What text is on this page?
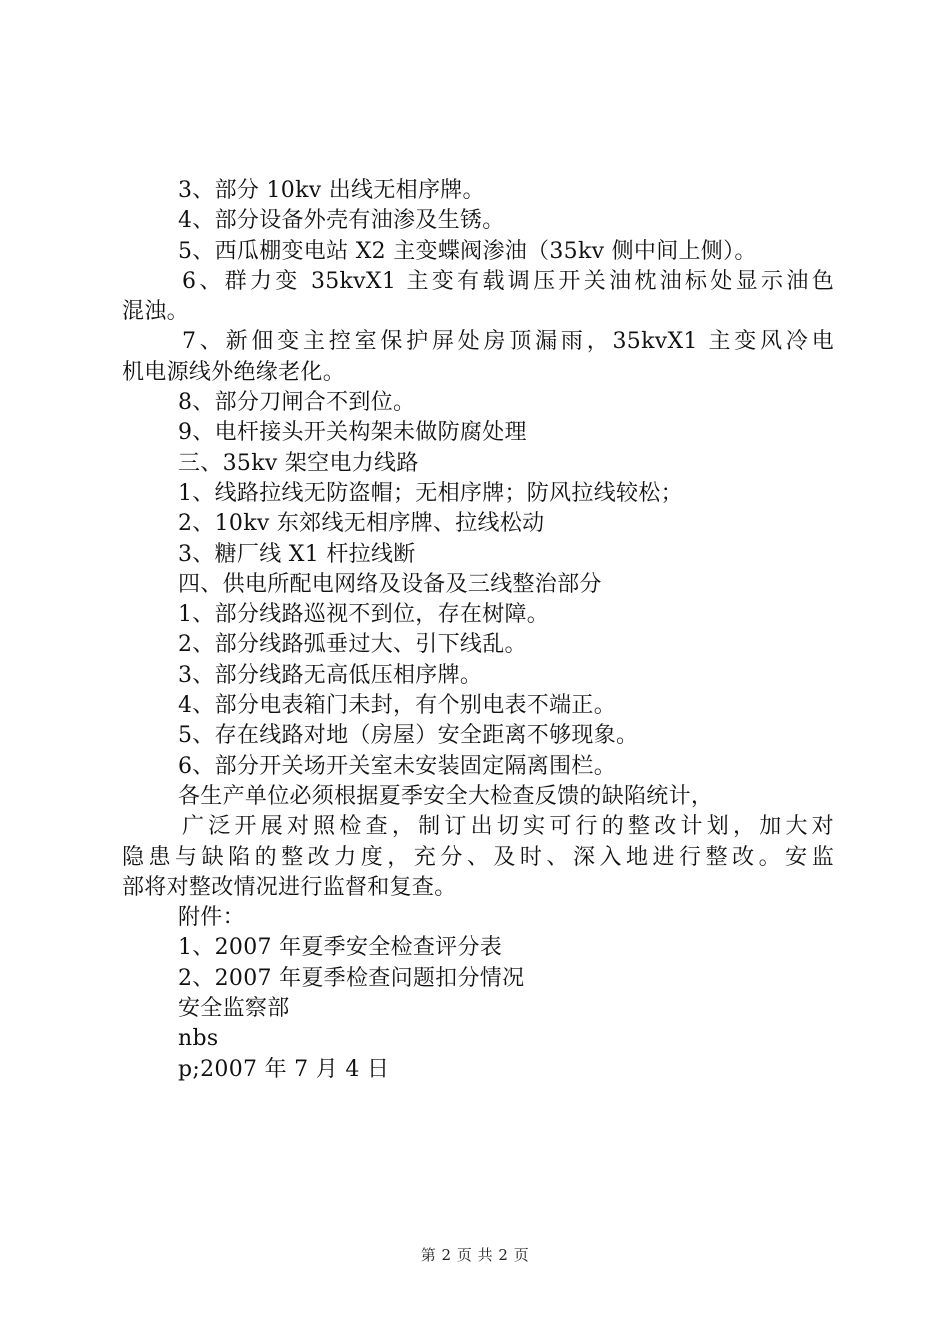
3、部分 10kv 出线无相序牌。
4、部分设备外壳有油渗及生锈。
5、西瓜棚变电站 X2 主变蝶阀渗油（35kv 侧中间上侧）。
6、群力变 35kvX1 主变有载调压开关油枕油标处显示油色
混浊。
7、新佃变主控室保护屏处房顶漏雨，35kvX1 主变风冷电
机电源线外绝缘老化。
8、部分刀闸合不到位。
9、电杆接头开关构架未做防腐处理
三、35kv 架空电力线路
1、线路拉线无防盗帽；无相序牌；防风拉线较松；
2、10kv 东郊线无相序牌、拉线松动
3、糖厂线 X1 杆拉线断
四、供电所配电网络及设备及三线整治部分
1、部分线路巡视不到位，存在树障。
2、部分线路弧垂过大、引下线乱。
3、部分线路无高低压相序牌。
4、部分电表箱门未封，有个别电表不端正。
5、存在线路对地（房屋）安全距离不够现象。
6、部分开关场开关室未安装固定隔离围栏。
各生产单位必须根据夏季安全大检查反馈的缺陷统计，
广泛开展对照检查，制订出切实可行的整改计划，加大对
隐患与缺陷的整改力度，充分、及时、深入地进行整改。安监
部将对整改情况进行监督和复查。
附件：
1、2007 年夏季安全检查评分表
2、2007 年夏季检查问题扣分情况
安全监察部
nbs
p;2007 年 7 月 4 日
第 2 页 共 2 页
